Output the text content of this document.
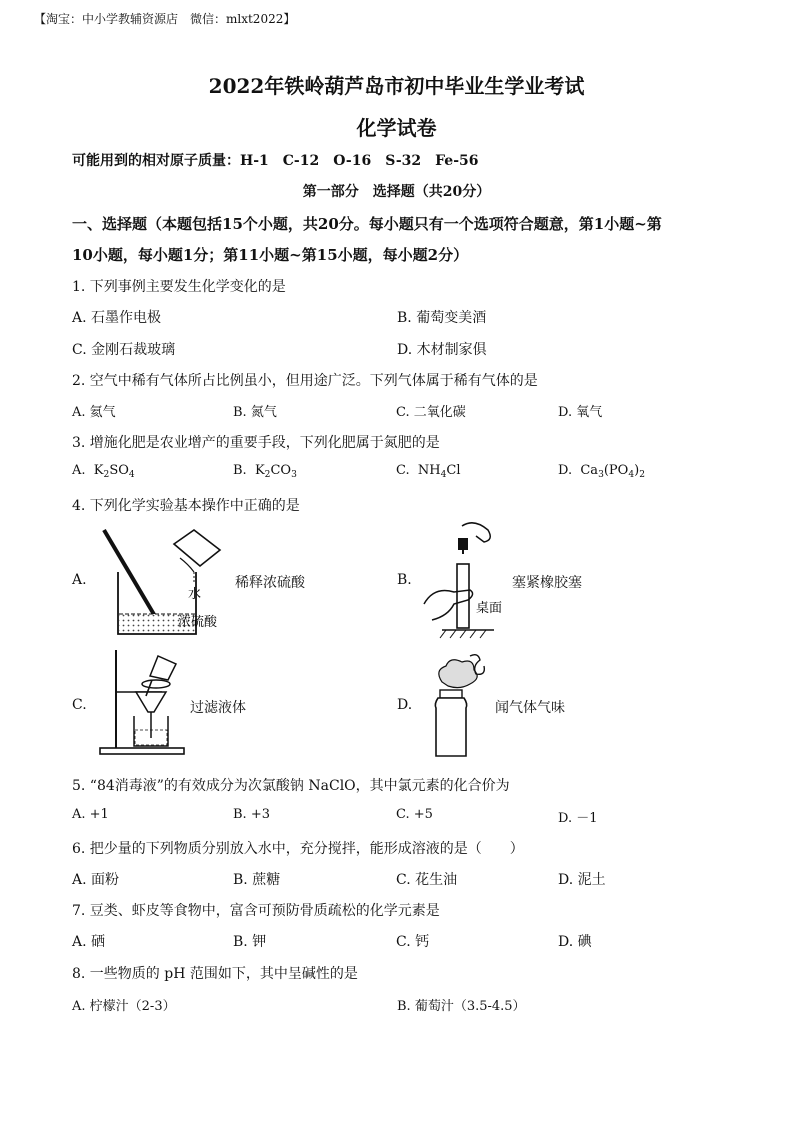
【淘宝：中小学教辅资源店　微信：mlxt2022】
2022年铁岭葫芦岛市初中毕业生学业考试
化学试卷
可能用到的相对原子质量：H-1　C-12　O-16　S-32　Fe-56
第一部分　选择题（共20分）
一、选择题（本题包括15个小题，共20分。每小题只有一个选项符合题意，第1小题~第
10小题，每小题1分；第11小题~第15小题，每小题2分）
1. 下列事例主要发生化学变化的是
A. 石墨作电极	B. 葡萄变美酒
C. 金刚石裁玻璃	D. 木材制家俱
2. 空气中稀有气体所占比例虽小，但用途广泛。下列气体属于稀有气体的是
A. 氦气	B. 氮气	C. 二氧化碳	D. 氧气
3. 增施化肥是农业增产的重要手段，下列化肥属于氮肥的是
A. $K_2SO_4$	B. $K_2CO_3$	C. $NH_4Cl$	D. $Ca_3(PO_4)_2$
4. 下列化学实验基本操作中正确的是
A.
水
浓硫酸
稀释浓硫酸	B.
桌面
塞紧橡胶塞
C.	过滤液体	D.	闻气体气味
5. “84消毒液”的有效成分为次氯酸钠 NaClO，其中氯元素的化合价为
A. +1	B. +3	C. +5	D. －1
6. 把少量的下列物质分别放入水中，充分搅拌，能形成溶液的是（　　）
A. 面粉	B. 蔗糖	C. 花生油	D. 泥土
7. 豆类、虾皮等食物中，富含可预防骨质疏松的化学元素是
A. 硒	B. 钾	C. 钙	D. 碘
8. 一些物质的 pH 范围如下，其中呈碱性的是
A. 柠檬汁（2-3）	B. 葡萄汁（3.5-4.5）
